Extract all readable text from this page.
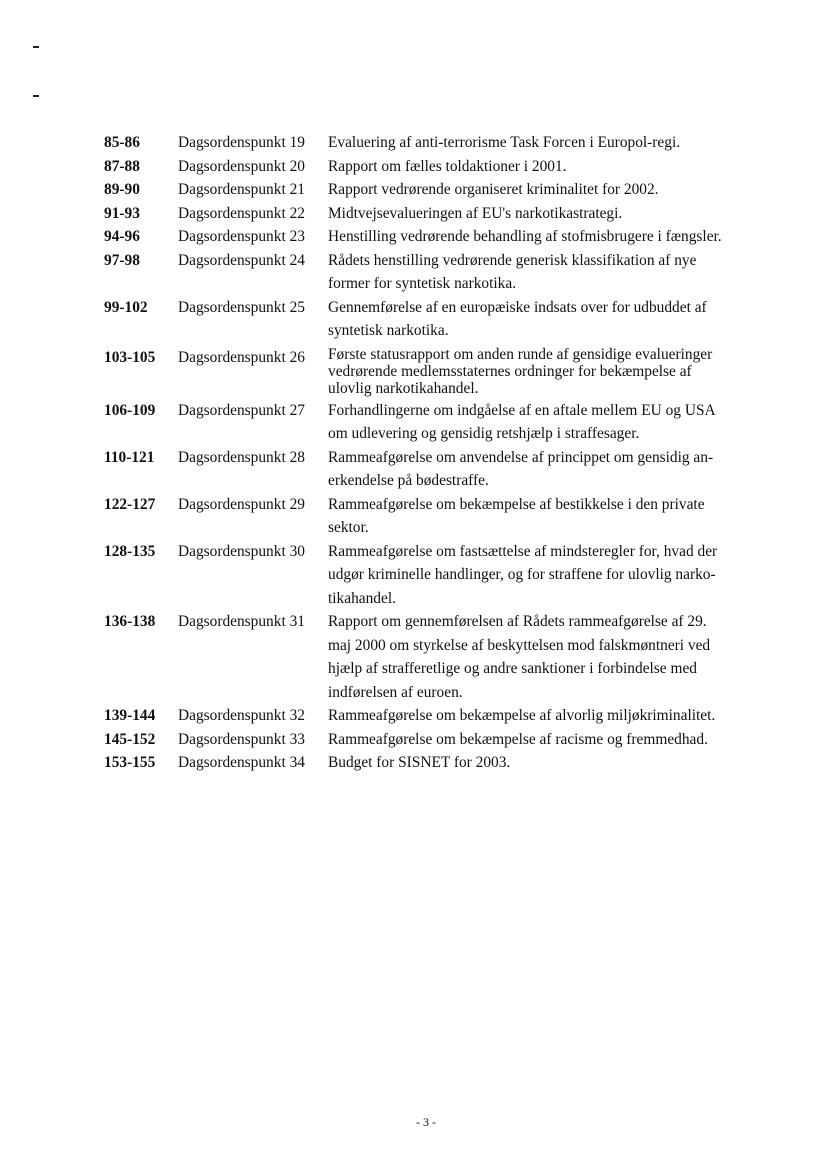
85-86	Dagsordenspunkt 19	Evaluering af anti-terrorisme Task Forcen i Europol-regi.
87-88	Dagsordenspunkt 20	Rapport om fælles toldaktioner i 2001.
89-90	Dagsordenspunkt 21	Rapport vedrørende organiseret kriminalitet for 2002.
91-93	Dagsordenspunkt 22	Midtvejsevalueringen af EU's narkotikastrategi.
94-96	Dagsordenspunkt 23	Henstilling vedrørende behandling af stofmisbrugere i fængsler.
97-98	Dagsordenspunkt 24	Rådets henstilling vedrørende generisk klassifikation af nye
former for syntetisk narkotika.
99-102	Dagsordenspunkt 25	Gennemførelse af en europæiske indsats over for udbuddet af
syntetisk narkotika.
103-105	Dagsordenspunkt 26	Første statusrapport om anden runde af gensidige evalueringer
vedrørende medlemsstaternes ordninger for bekæmpelse af
ulovlig narkotikahandel.
106-109	Dagsordenspunkt 27	Forhandlingerne om indgåelse af en aftale mellem EU og USA
om udlevering og gensidig retshjælp i straffesager.
110-121	Dagsordenspunkt 28	Rammeafgørelse om anvendelse af princippet om gensidig an-
erkendelse på bødestraffe.
122-127	Dagsordenspunkt 29	Rammeafgørelse om bekæmpelse af bestikkelse i den private
sektor.
128-135	Dagsordenspunkt 30	Rammeafgørelse om fastsættelse af mindsteregler for, hvad der
udgør kriminelle handlinger, og for straffene for ulovlig narko-
tikahandel.
136-138	Dagsordenspunkt 31	Rapport om gennemførelsen af Rådets rammeafgørelse af 29.
maj 2000 om styrkelse af beskyttelsen mod falskmøntneri ved
hjælp af strafferetlige og andre sanktioner i forbindelse med
indførelsen af euroen.
139-144	Dagsordenspunkt 32	Rammeafgørelse om bekæmpelse af alvorlig miljøkriminalitet.
145-152	Dagsordenspunkt 33	Rammeafgørelse om bekæmpelse af racisme og fremmedhad.
153-155	Dagsordenspunkt 34	Budget for SISNET for 2003.
- 3 -
